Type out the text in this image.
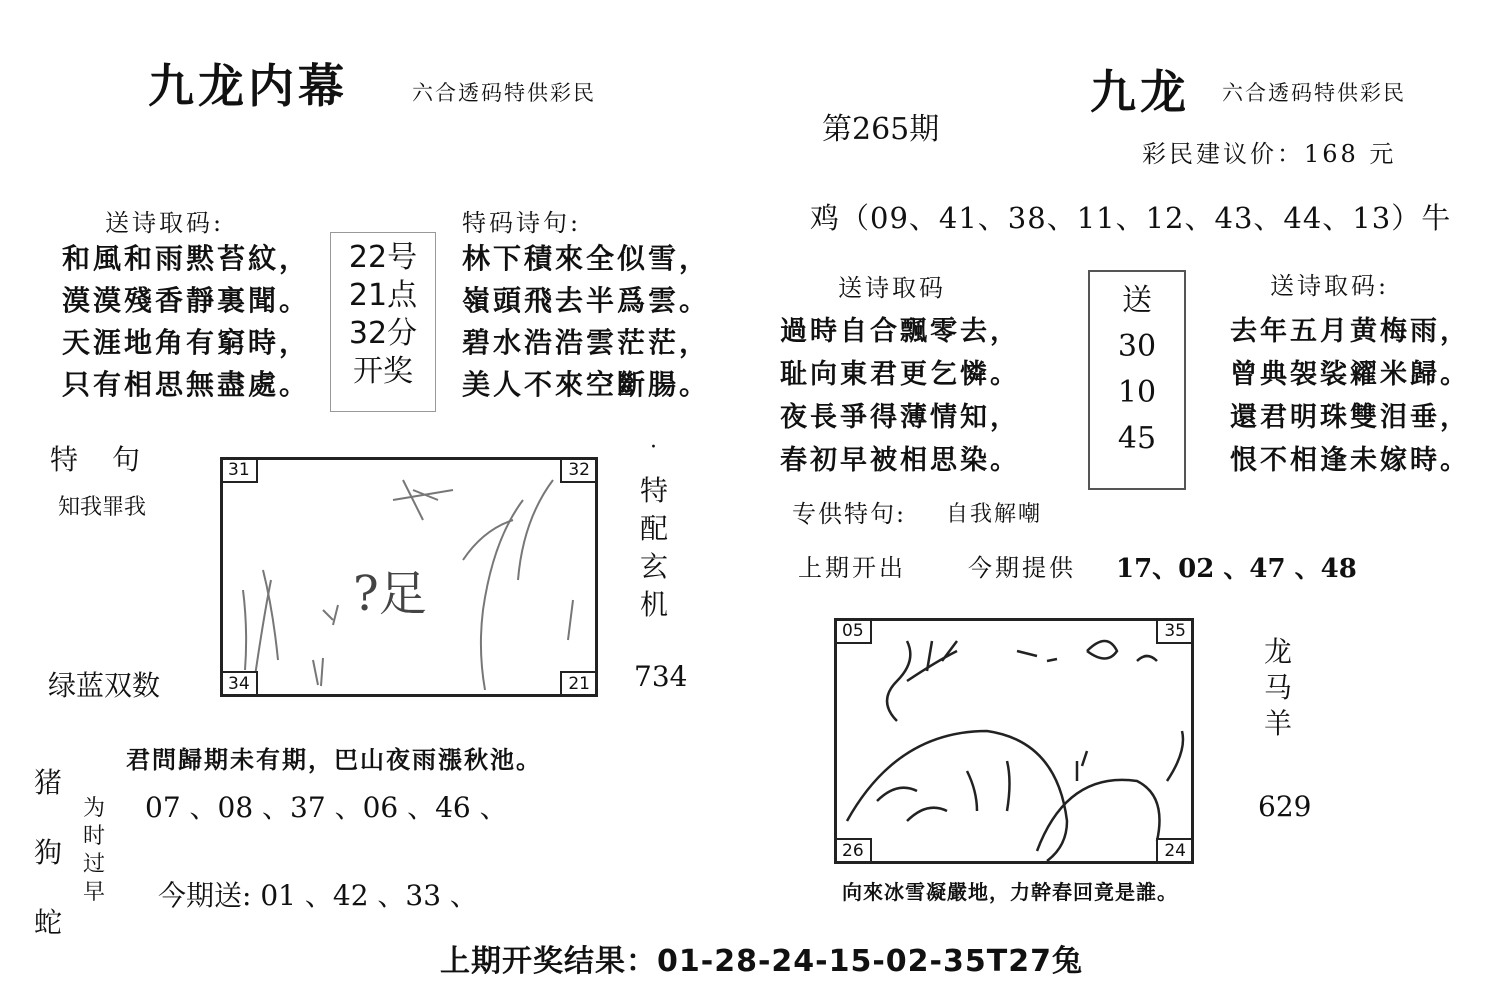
九龙内幕	六合透码特供彩民
送诗取码:
和風和雨黙苔紋，
漠漠殘香靜裏聞。
天涯地角有窮時，
只有相思無盡處。
22号
21点
32分
开奖
特码诗句:
林下積來全似雪，
嶺頭飛去半爲雲。
碧水浩浩雲茫茫，
美人不來空斷腸。
特　句
知我罪我
?足
31	32
34	21
·
特
配
玄
机
734
绿蓝双数
君問歸期未有期，巴山夜雨漲秋池。
猪
狗
蛇
为
时
过
早
07 、08 、37 、06 、46 、
今期送: 01 、42 、33 、
九龙 六合透码特供彩民
第265期
彩民建议价：168 元
鸡（09、41、38、11、12、43、44、13）牛
送诗取码
過時自合飄零去，
耻向東君更乞憐。
夜長爭得薄情知，
春初早被相思染。
送
30
10
45
送诗取码:
去年五月黄梅雨，
曾典袈裟糴米歸。
還君明珠雙泪垂，
恨不相逢未嫁時。
专供特句: 自我解嘲
上期开出	今期提供 17、02 、47 、48
05	35
26	24
龙
马
羊
629
向來冰雪凝嚴地，力幹春回竟是誰。
上期开奖结果：01-28-24-15-02-35T27兔
